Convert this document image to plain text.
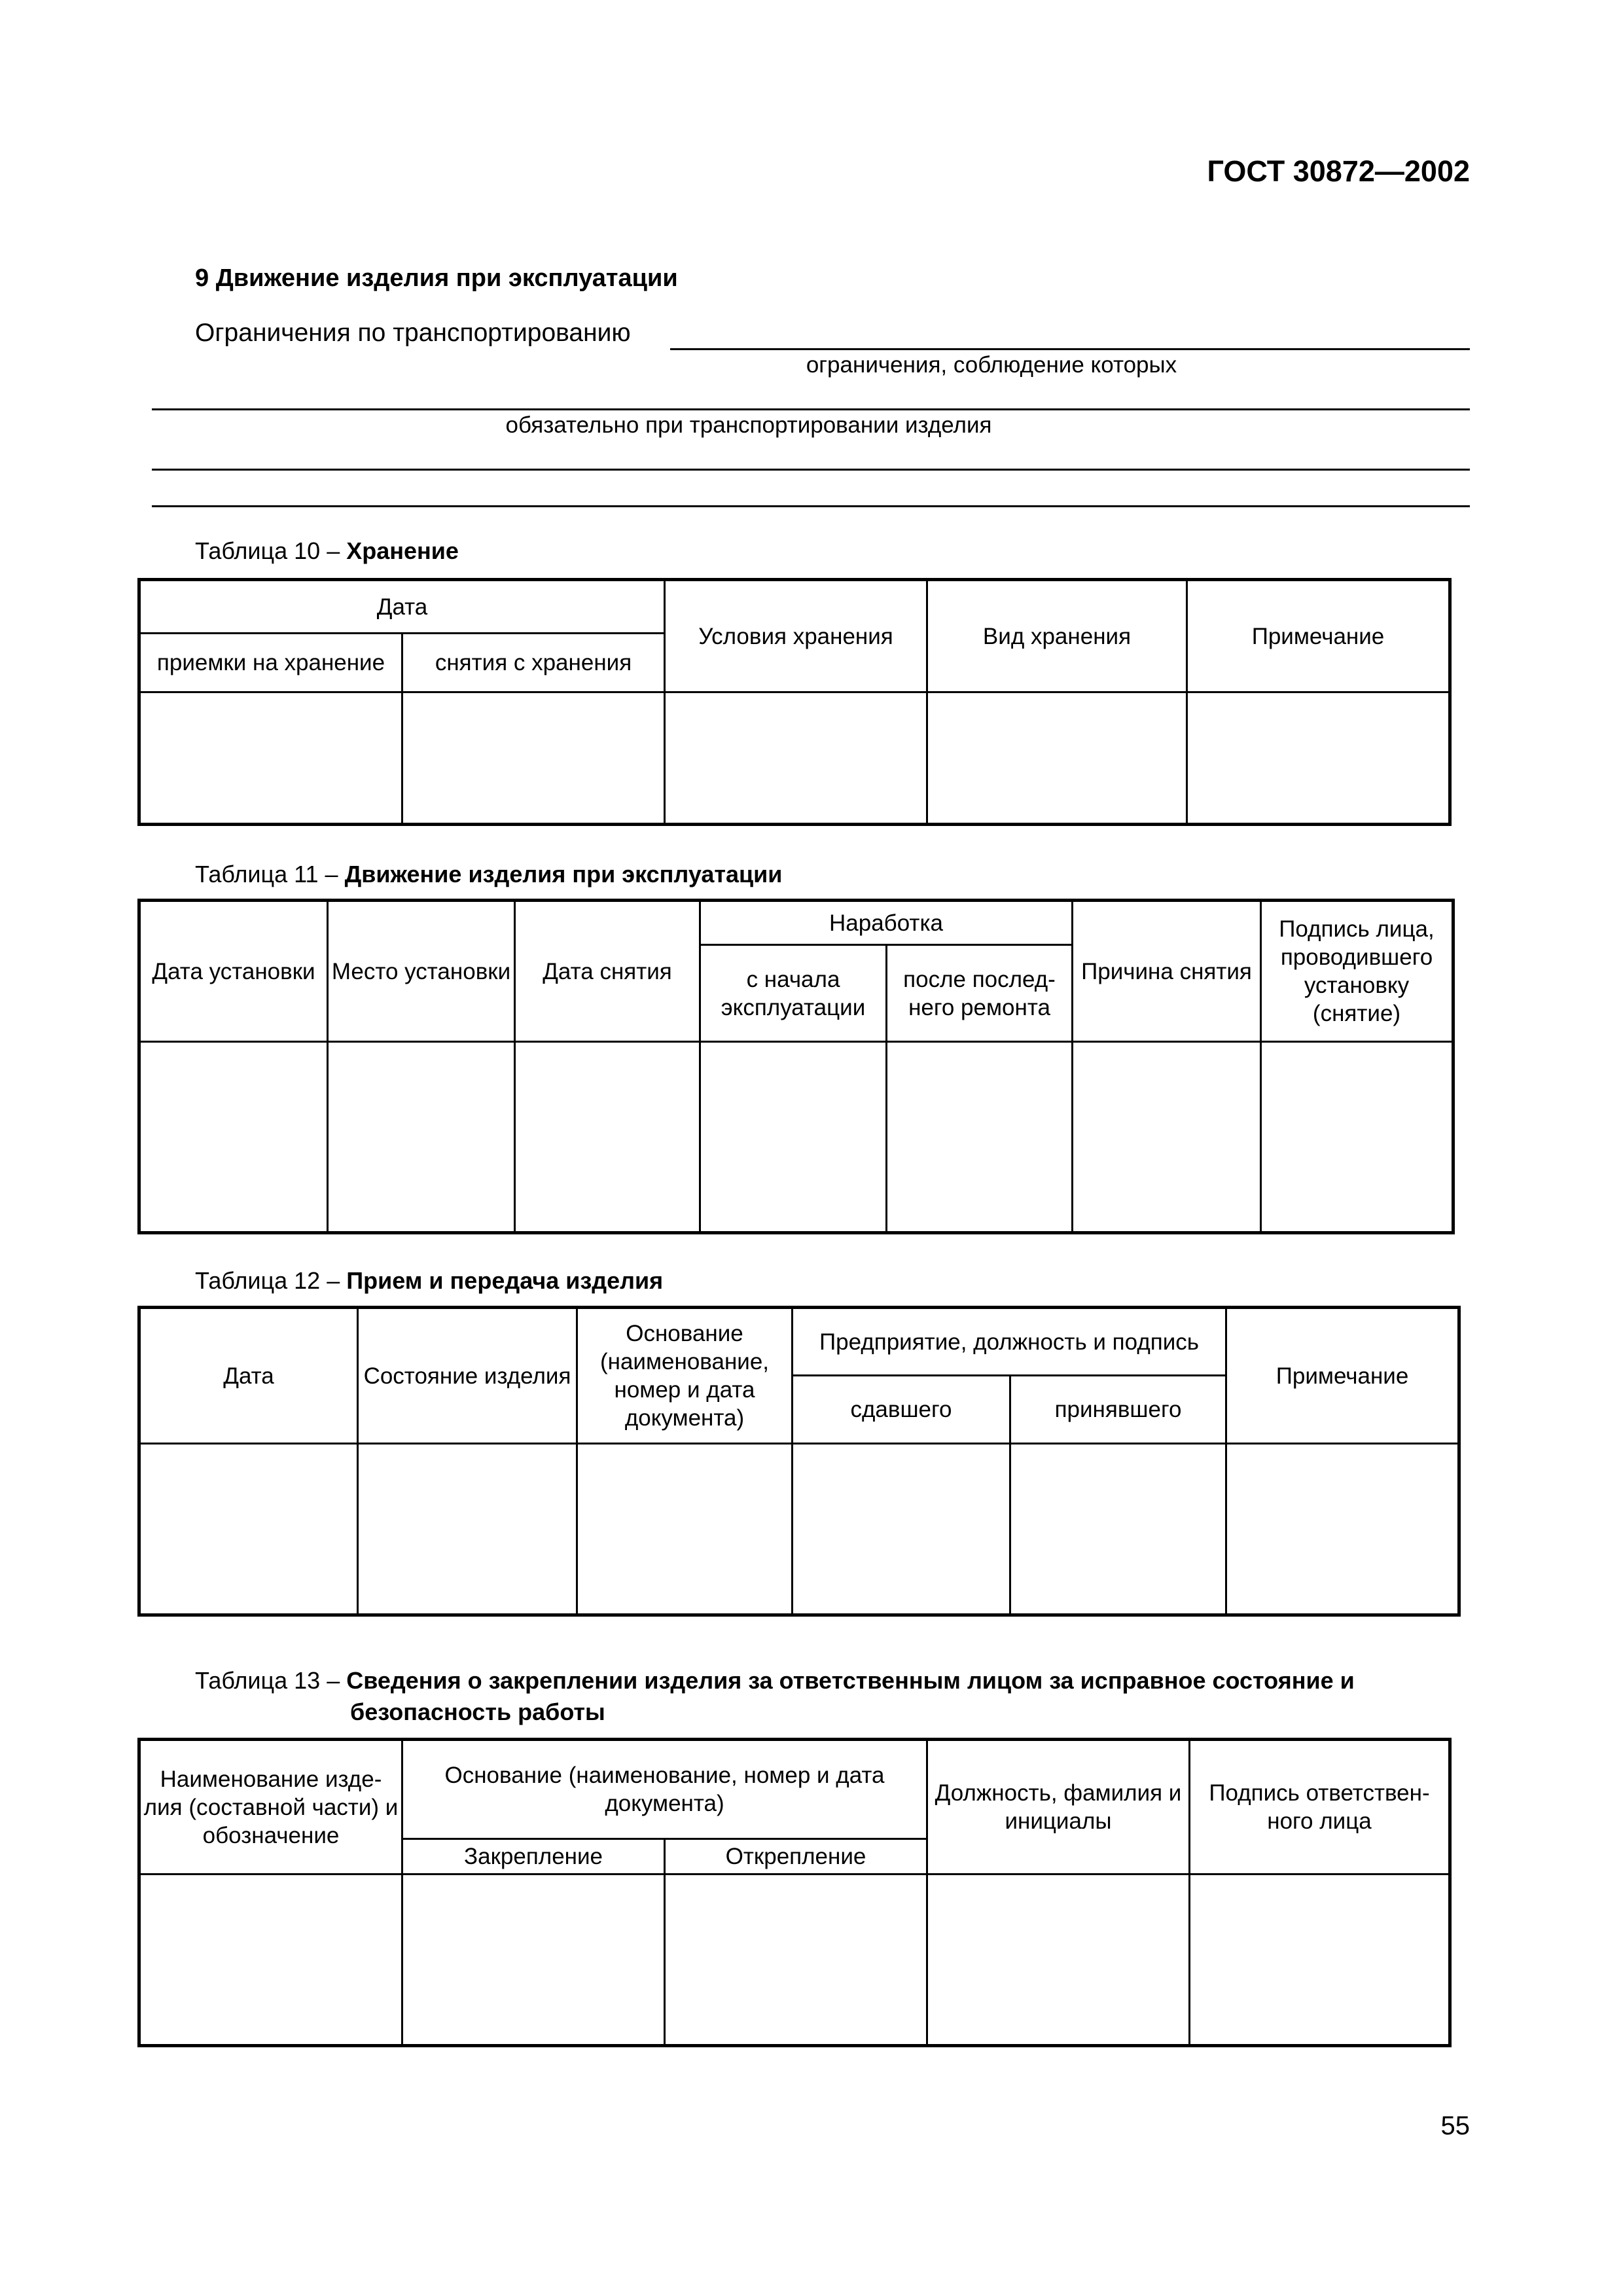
ГОСТ 30872—2002
9 Движение изделия при эксплуатации
Ограничения по транспортированию
ограничения, соблюдение которых
обязательно при транспортировании изделия
Таблица 10 – Хранение
Дата		Условия хранения	Вид хранения	Примечание
приемки на хранение	снятия с хранения			

Таблица 11 – Движение изделия при эксплуатации
Дата установки	Место установки	Дата снятия	Наработка		Причина снятия	Подпись лица, проводившего установку (снятие)
			с начала эксплуатации	после послед-него ремонта		

Таблица 12 – Прием и передача изделия
Дата	Состояние изделия	Основание (наименование, номер и дата документа)	Предприятие, должность и подпись		Примечание
			сдавшего	принявшего	

Таблица 13 – Сведения о закреплении изделия за ответственным лицом за исправное состояние и
безопасность работы
Наименование изде-лия (составной части) и обозначение	Основание (наименование, номер и дата документа)		Должность, фамилия и инициалы	Подпись ответствен-ного лица
	Закрепление	Открепление		

55
